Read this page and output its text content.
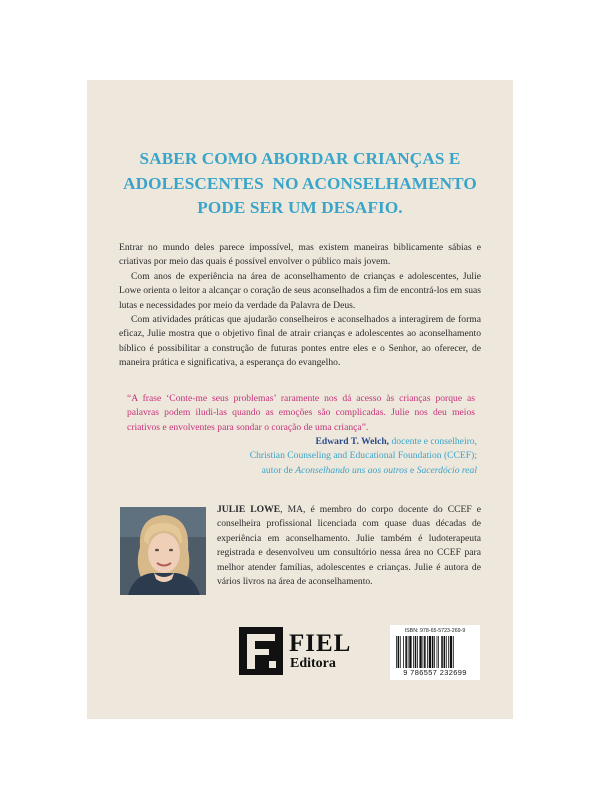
SABER COMO ABORDAR CRIANÇAS E
ADOLESCENTES  NO ACONSELHAMENTO
PODE SER UM DESAFIO.

Entrar no mundo deles parece impossível, mas existem maneiras biblicamente sábias e criativas por meio das quais é possível envolver o público mais jovem.

Com anos de experiência na área de aconselhamento de crianças e adolescentes, Julie Lowe orienta o leitor a alcançar o coração de seus aconselhados a fim de encontrá-los em suas lutas e necessidades por meio da verdade da Palavra de Deus.

Com atividades práticas que ajudarão conselheiros e aconselhados a interagirem de forma eficaz, Julie mostra que o objetivo final de atrair crianças e adolescentes ao aconselhamento bíblico é possibilitar a construção de futuras pontes entre eles e o Senhor, ao oferecer, de maneira prática e significativa, a esperança do evangelho.

“A frase ‘Conte-me seus problemas’ raramente nos dá acesso às crianças porque as palavras podem iludi-las quando as emoções são complicadas. Julie nos deu meios criativos e envolventes para sondar o coração de uma criança”.

Edward T. Welch, docente e conselheiro,
Christian Counseling and Educational Foundation (CCEF);
autor de Aconselhando uns aos outros e Sacerdócio real

JULIE LOWE, MA, é membro do corpo docente do CCEF e conselheira profissional licenciada com quase duas décadas de experiência em aconselhamento. Julie também é ludoterapeuta registrada e desenvolveu um consultório nessa área no CCEF para melhor atender famílias, adolescentes e crianças. Julie é autora de vários livros na área de aconselhamento.

FIEL
Editora
ISBN: 978-65-5723-269-9
9 786557 232699
